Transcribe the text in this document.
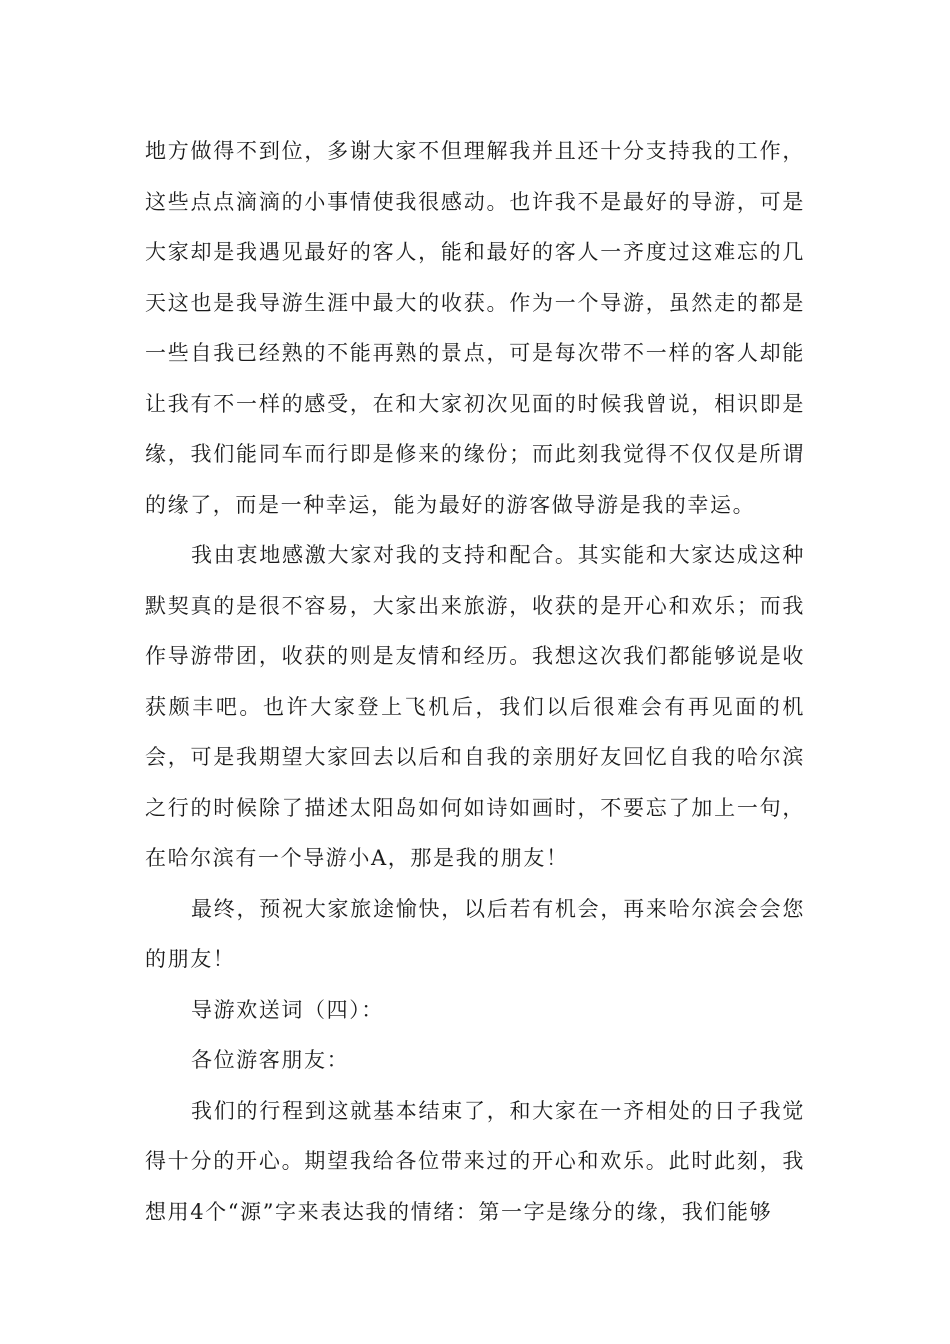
地方做得不到位，多谢大家不但理解我并且还十分支持我的工作，这些点点滴滴的小事情使我很感动。也许我不是最好的导游，可是大家却是我遇见最好的客人，能和最好的客人一齐度过这难忘的几天这也是我导游生涯中最大的收获。作为一个导游，虽然走的都是一些自我已经熟的不能再熟的景点，可是每次带不一样的客人却能让我有不一样的感受，在和大家初次见面的时候我曾说，相识即是缘，我们能同车而行即是修来的缘份；而此刻我觉得不仅仅是所谓的缘了，而是一种幸运，能为最好的游客做导游是我的幸运。

我由衷地感激大家对我的支持和配合。其实能和大家达成这种默契真的是很不容易，大家出来旅游，收获的是开心和欢乐；而我作导游带团，收获的则是友情和经历。我想这次我们都能够说是收获颇丰吧。也许大家登上飞机后，我们以后很难会有再见面的机会，可是我期望大家回去以后和自我的亲朋好友回忆自我的哈尔滨之行的时候除了描述太阳岛如何如诗如画时，不要忘了加上一句，在哈尔滨有一个导游小A，那是我的朋友！

最终，预祝大家旅途愉快，以后若有机会，再来哈尔滨会会您的朋友！

导游欢送词（四）：

各位游客朋友：

我们的行程到这就基本结束了，和大家在一齐相处的日子我觉得十分的开心。期望我给各位带来过的开心和欢乐。此时此刻，我想用4个“源”字来表达我的情绪：第一字是缘分的缘，我们能够
